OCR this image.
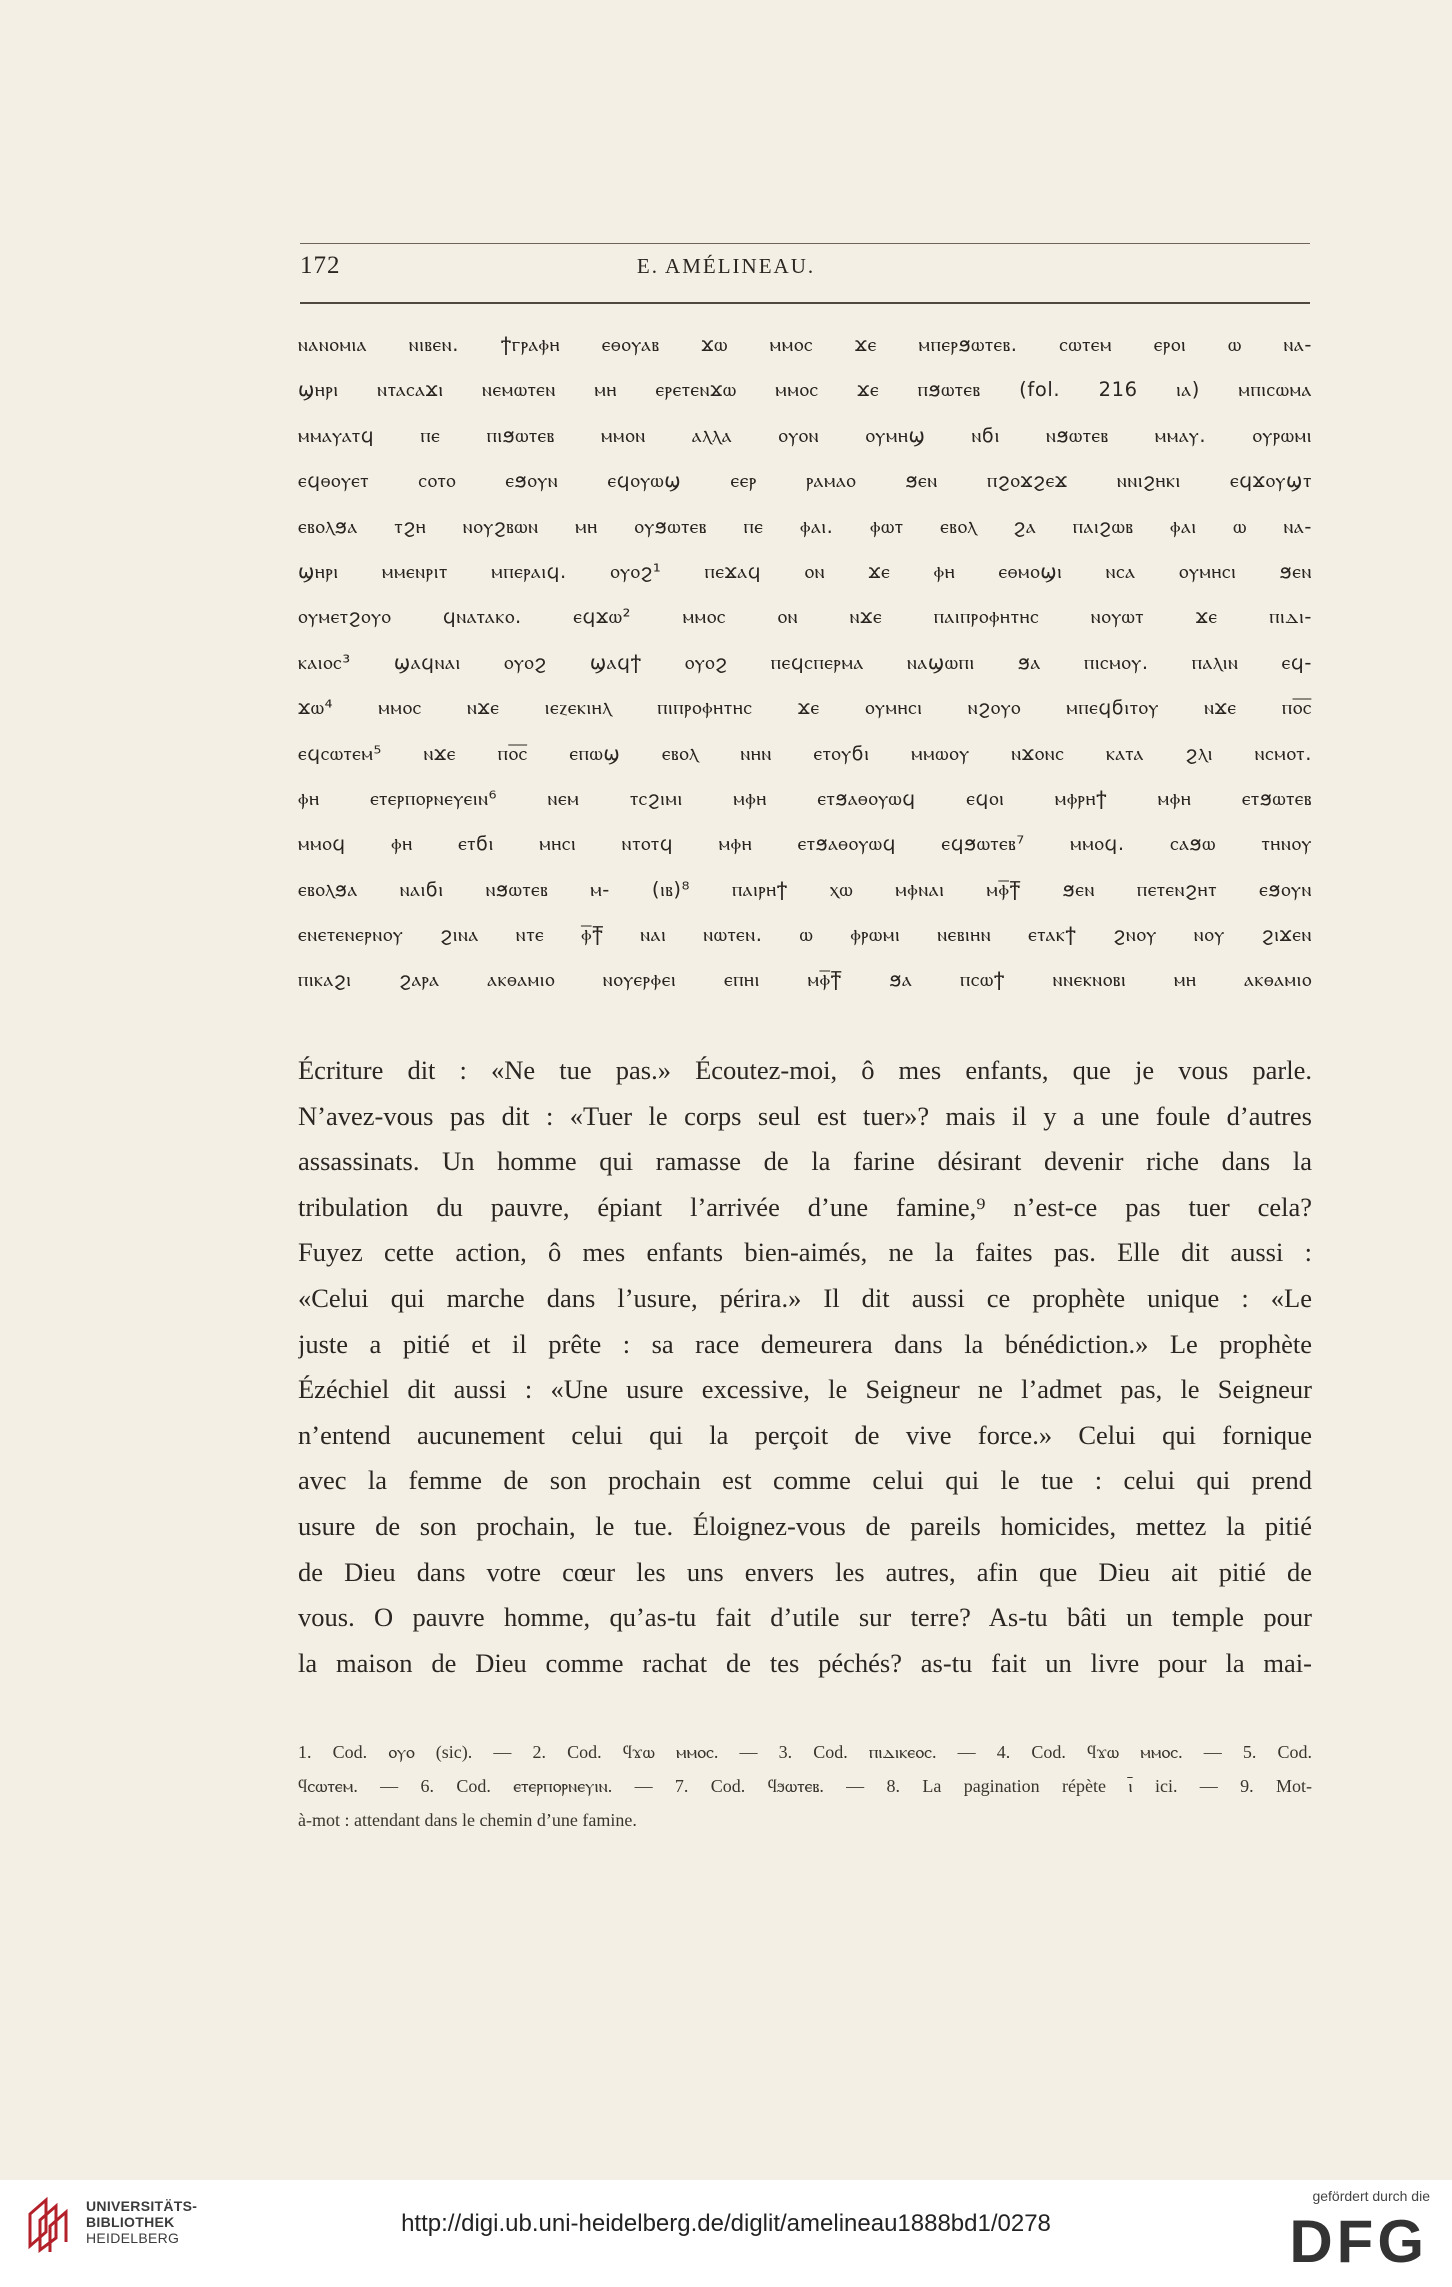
172	E. AMÉLINEAU.
ⲛⲁⲛⲟⲙⲓⲁ ⲛⲓⲃⲉⲛ. ϯⲅⲣⲁⲫⲏ ⲉⲑⲟⲩⲁⲃ ϫⲱ ⲙⲙⲟⲥ ϫⲉ ⲙⲡⲉⲣϧⲱⲧⲉⲃ. ⲥⲱⲧⲉⲙ ⲉⲣⲟⲓ ⲱ ⲛⲁ-
ϣⲏⲣⲓ ⲛⲧⲁⲥⲁϫⲓ ⲛⲉⲙⲱⲧⲉⲛ ⲙⲏ ⲉⲣⲉⲧⲉⲛϫⲱ ⲙⲙⲟⲥ ϫⲉ ⲡϧⲱⲧⲉⲃ (fol. 216 ⲓⲁ) ⲙⲡⲓⲥⲱⲙⲁ
ⲙⲙⲁⲩⲁⲧϥ ⲡⲉ ⲡⲓϧⲱⲧⲉⲃ ⲙⲙⲟⲛ ⲁⲗⲗⲁ ⲟⲩⲟⲛ ⲟⲩⲙⲏϣ ⲛϭⲓ ⲛϧⲱⲧⲉⲃ ⲙⲙⲁⲩ. ⲟⲩⲣⲱⲙⲓ
ⲉϥⲑⲟⲩⲉⲧ ⲥⲟⲧⲟ ⲉϧⲟⲩⲛ ⲉϥⲟⲩⲱϣ ⲉⲉⲣ ⲣⲁⲙⲁⲟ ϧⲉⲛ ⲡϩⲟϫϩⲉϫ ⲛⲛⲓϩⲏⲕⲓ ⲉϥϫⲟⲩϣⲧ
ⲉⲃⲟⲗϧⲁ ⲧϩⲏ ⲛⲟⲩϩⲃⲱⲛ ⲙⲏ ⲟⲩϧⲱⲧⲉⲃ ⲡⲉ ⲫⲁⲓ. ⲫⲱⲧ ⲉⲃⲟⲗ ϩⲁ ⲡⲁⲓϩⲱⲃ ⲫⲁⲓ ⲱ ⲛⲁ-
ϣⲏⲣⲓ ⲙⲙⲉⲛⲣⲓⲧ ⲙⲡⲉⲣⲁⲓϥ. ⲟⲩⲟϩ¹ ⲡⲉϫⲁϥ ⲟⲛ ϫⲉ ⲫⲏ ⲉⲑⲙⲟϣⲓ ⲛⲥⲁ ⲟⲩⲙⲏⲥⲓ ϧⲉⲛ
ⲟⲩⲙⲉⲧϩⲟⲩⲟ ϥⲛⲁⲧⲁⲕⲟ. ⲉϥϫⲱ² ⲙⲙⲟⲥ ⲟⲛ ⲛϫⲉ ⲡⲁⲓⲡⲣⲟⲫⲏⲧⲏⲥ ⲛⲟⲩⲱⲧ ϫⲉ ⲡⲓⲇⲓ-
ⲕⲁⲓⲟⲥ³ ϣⲁϥⲛⲁⲓ ⲟⲩⲟϩ ϣⲁϥϯ ⲟⲩⲟϩ ⲡⲉϥⲥⲡⲉⲣⲙⲁ ⲛⲁϣⲱⲡⲓ ϧⲁ ⲡⲓⲥⲙⲟⲩ. ⲡⲁⲗⲓⲛ ⲉϥ-
ϫⲱ⁴ ⲙⲙⲟⲥ ⲛϫⲉ ⲓⲉⲍⲉⲕⲓⲏⲗ ⲡⲓⲡⲣⲟⲫⲏⲧⲏⲥ ϫⲉ ⲟⲩⲙⲏⲥⲓ ⲛϩⲟⲩⲟ ⲙⲡⲉϥϭⲓⲧⲟⲩ ⲛϫⲉ ⲡⲟ̅ⲥ̅
ⲉϥⲥⲱⲧⲉⲙ⁵ ⲛϫⲉ ⲡⲟ̅ⲥ̅ ⲉⲡⲱϣ ⲉⲃⲟⲗ ⲛⲏⲛ ⲉⲧⲟⲩϭⲓ ⲙⲙⲱⲟⲩ ⲛϫⲟⲛⲥ ⲕⲁⲧⲁ ϩⲗⲓ ⲛⲥⲙⲟⲧ.
ⲫⲏ ⲉⲧⲉⲣⲡⲟⲣⲛⲉⲩⲉⲓⲛ⁶ ⲛⲉⲙ ⲧⲥϩⲓⲙⲓ ⲙⲫⲏ ⲉⲧϧⲁⲑⲟⲩⲱϥ ⲉϥⲟⲓ ⲙⲫⲣⲏϯ ⲙⲫⲏ ⲉⲧϧⲱⲧⲉⲃ
ⲙⲙⲟϥ ⲫⲏ ⲉⲧϭⲓ ⲙⲏⲥⲓ ⲛⲧⲟⲧϥ ⲙⲫⲏ ⲉⲧϧⲁⲑⲟⲩⲱϥ ⲉϥϧⲱⲧⲉⲃ⁷ ⲙⲙⲟϥ. ⲥⲁϧⲱ ⲧⲏⲛⲟⲩ
ⲉⲃⲟⲗϧⲁ ⲛⲁⲓϭⲓ ⲛϧⲱⲧⲉⲃ ⲙ- (ⲓⲃ)⁸ ⲡⲁⲓⲣⲏϯ ⲭⲱ ⲙⲫⲛⲁⲓ ⲙⲫ̅ϯ̅ ϧⲉⲛ ⲡⲉⲧⲉⲛϩⲏⲧ ⲉϧⲟⲩⲛ
ⲉⲛⲉⲧⲉⲛⲉⲣⲛⲟⲩ ϩⲓⲛⲁ ⲛⲧⲉ ⲫ̅ϯ̅ ⲛⲁⲓ ⲛⲱⲧⲉⲛ. ⲱ ⲫⲣⲱⲙⲓ ⲛⲉⲃⲓⲏⲛ ⲉⲧⲁⲕϯ ϩⲛⲟⲩ ⲛⲟⲩ ϩⲓϫⲉⲛ
ⲡⲓⲕⲁϩⲓ ϩⲁⲣⲁ ⲁⲕⲑⲁⲙⲓⲟ ⲛⲟⲩⲉⲣⲫⲉⲓ ⲉⲡⲏⲓ ⲙⲫ̅ϯ̅ ϧⲁ ⲡⲥⲱϯ ⲛⲛⲉⲕⲛⲟⲃⲓ ⲙⲏ ⲁⲕⲑⲁⲙⲓⲟ
Écriture dit : «Ne tue pas.» Écoutez-moi, ô mes enfants, que je vous parle.
N’avez-vous pas dit : «Tuer le corps seul est tuer»? mais il y a une foule d’autres
assassinats. Un homme qui ramasse de la farine désirant devenir riche dans la
tribulation du pauvre, épiant l’arrivée d’une famine,⁹ n’est-ce pas tuer cela?
Fuyez cette action, ô mes enfants bien-aimés, ne la faites pas. Elle dit aussi :
«Celui qui marche dans l’usure, périra.» Il dit aussi ce prophète unique : «Le
juste a pitié et il prête : sa race demeurera dans la bénédiction.» Le prophète
Ézéchiel dit aussi : «Une usure excessive, le Seigneur ne l’admet pas, le Seigneur
n’entend aucunement celui qui la perçoit de vive force.» Celui qui fornique
avec la femme de son prochain est comme celui qui le tue : celui qui prend
usure de son prochain, le tue. Éloignez-vous de pareils homicides, mettez la pitié
de Dieu dans votre cœur les uns envers les autres, afin que Dieu ait pitié de
vous. O pauvre homme, qu’as-tu fait d’utile sur terre? As-tu bâti un temple pour
la maison de Dieu comme rachat de tes péchés? as-tu fait un livre pour la mai-
1. Cod. ⲟⲩⲟ (sic). — 2. Cod. ϥϫⲱ ⲙⲙⲟⲥ. — 3. Cod. ⲡⲓⲇⲓⲕⲉⲟⲥ. — 4. Cod. ϥϫⲱ ⲙⲙⲟⲥ. — 5. Cod.
ϥⲥⲱⲧⲉⲙ. — 6. Cod. ⲉⲧⲉⲣⲡⲟⲣⲛⲉⲩⲓⲛ. — 7. Cod. ϥϧⲱⲧⲉⲃ. — 8. La pagination répète ⲓ̅ ici. — 9. Mot-
à-mot : attendant dans le chemin d’une famine.
UNIVERSITÄTS-
BIBLIOTHEK
HEIDELBERG
http://digi.ub.uni-heidelberg.de/diglit/amelineau1888bd1/0278
gefördert durch die
DFG
